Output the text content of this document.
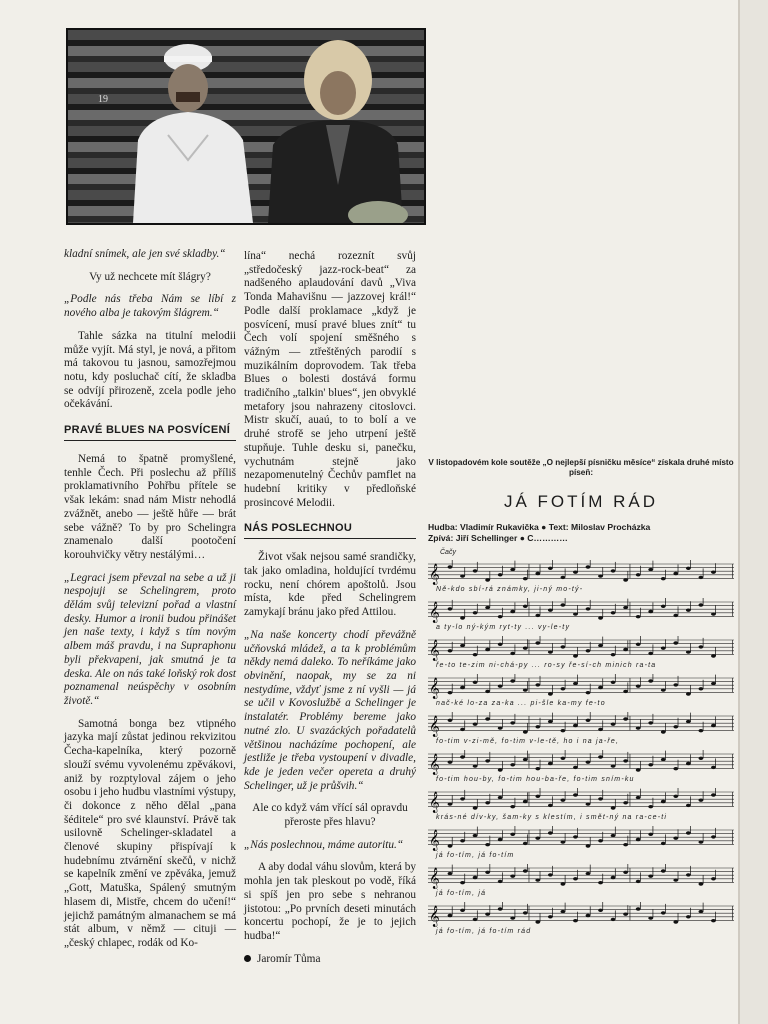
19

kladní snímek, ale jen své skladby.“

Vy už nechcete mít šlágry?

„Podle nás třeba Nám se líbí z nového alba je takovým šlágrem.“

Tahle sázka na titulní melodii může vyjít. Má styl, je nová, a přitom má takovou tu jasnou, samozřejmou notu, kdy posluchač cítí, že skladba se odvíjí přirozeně, zcela podle jeho očekávání.

PRAVÉ BLUES NA POSVÍCENÍ

Nemá to špatně promyšlené, tenhle Čech. Při poslechu až příliš proklamativního Pohřbu přítele se však lekám: snad nám Mistr nehodlá zvážnět, anebo — ještě hůře — brát sebe vážně? To by pro Schelingra znamenalo další pootočení korouhvičky větry nestálými…

„Legraci jsem převzal na sebe a už ji nespojuji se Schelingrem, proto dělám svůj televizní pořad a vlastní desky. Humor a ironii budou přinášet jen naše texty, i když s tím novým albem máš pravdu, i na Supraphonu byli překvapeni, jak smutná je ta deska. Ale on nás také loňský rok dost poznamenal neúspěchy v osobním životě.“

Samotná bonga bez vtipného jazyka mají zůstat jedinou rekvizitou Čecha-kapelníka, který pozorně slouží svému vyvolenému zpěvákovi, aniž by rozptyloval zájem o jeho osobu i jeho hudbu vlastními výstupy, či dokonce z něho dělal „pana šéditele“ pro své klaunství. Právě tak usilovně Schelinger-skladatel a členové skupiny přispívají k hudebnímu ztvárnění skečů, v nichž se kapelník změní ve zpěváka, jemuž „Gott, Matuška, Spálený smutným hlasem di, Mistře, chcem do učení!“ jejichž památným almanachem se má stát album, v němž — cituji — „český chlapec, rodák od Ko-

lína“ nechá rozeznít svůj „středočeský jazz-rock-beat“ za nadšeného aplaudování davů „Viva Tonda Mahavišnu — jazzovej král!“ Podle další proklamace „když je posvícení, musí pravé blues znít“ tu Čech volí spojení směšného s vážným — ztřeštěných parodií s muzikálním doprovodem. Tak třeba Blues o bolesti dostává formu tradičního „talkin' blues“, jen obvyklé metafory jsou nahrazeny citoslovci. Mistr skučí, auaú, to to bolí a ve druhé strofě se jeho utrpení ještě stupňuje. Tuhle desku si, panečku, vychutnám stejně jako nezapomenutelný Čechův pamflet na hudební kritiky v předloňské prosincové Melodii.

NÁS POSLECHNOU

Život však nejsou samé srandičky, tak jako omladina, holdující tvrdému rocku, není chórem apoštolů. Jsou místa, kde před Schelingrem zamykají bránu jako před Attilou.

„Na naše koncerty chodí převážně učňovská mládež, a ta k problémům někdy nemá daleko. To neříkáme jako obvinění, naopak, my se za ni nestydíme, vždyť jsme z ní vyšli — já se učil v Kovoslužbě a Schelinger je instalatér. Problémy bereme jako nutné zlo. U svazáckých pořadatelů většinou nacházíme pochopení, ale jestliže je třeba vystoupení v divadle, kde je jeden večer opereta a druhý Schelinger, už je průšvih.“

Ale co když vám vřící sál opravdu přeroste přes hlavu?

„Nás poslechnou, máme autoritu.“

A aby dodal váhu slovům, která by mohla jen tak pleskout po vodě, říká si spíš jen pro sebe s nehranou jistotou: „Po prvních deseti minutách koncertu pochopí, že je to jejich hudba!“

Jaromír Tůma
V listopadovém kole soutěže „O nejlepší písničku měsíce“ získala druhé místo píseň:
JÁ FOTÍM RÁD
Hudba: Vladimír Rukavička ● Text: Miloslav Procházka
Zpívá: Jiří Schellinger ● C…………
Čačy
𝄞
Ně-kdo sbí-rá známky, ji-ný mo-tý-
𝄞
a ty-lo ný-kým ryt-ty ... vy-le-ty
𝄞
ře-to te-zim ni-chá-py ... ro-sy ře-sí-ch minich ra-ta
𝄞
nač-ké lo-za za-ka ... pi-šle ka-my fe-to
𝄞
fo-tim v-zi-mě, fo-tim v-le-tě, ho i na ja-ře,
𝄞
fo-tim hou-by, fo-tim hou-ba-ře, fo-tim sním-ku
𝄞
krás-né dív-ky, šam-ky s klestím, i smět-ný na ra-ce-ti
𝄞
já fo-tím, já fo-tím
𝄞
já fo-tím, já
𝄞
já fo-tím, já fo-tím rád
